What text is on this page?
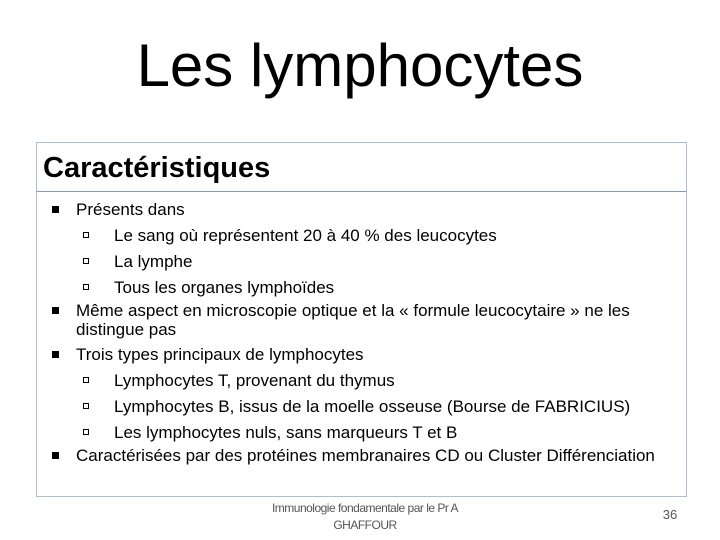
Les lymphocytes
Caractéristiques
Présents dans
Le sang où représentent 20 à 40 % des leucocytes
La lymphe
Tous les organes lymphoïdes
Même aspect en microscopie optique et la « formule leucocytaire » ne les distingue pas
Trois types principaux de lymphocytes
Lymphocytes T, provenant du thymus
Lymphocytes B, issus de la moelle osseuse (Bourse de FABRICIUS)
Les lymphocytes nuls, sans marqueurs T et B
Caractérisées par des protéines membranaires CD ou Cluster Différenciation
Immunologie fondamentale par le Pr A GHAFFOUR
36
